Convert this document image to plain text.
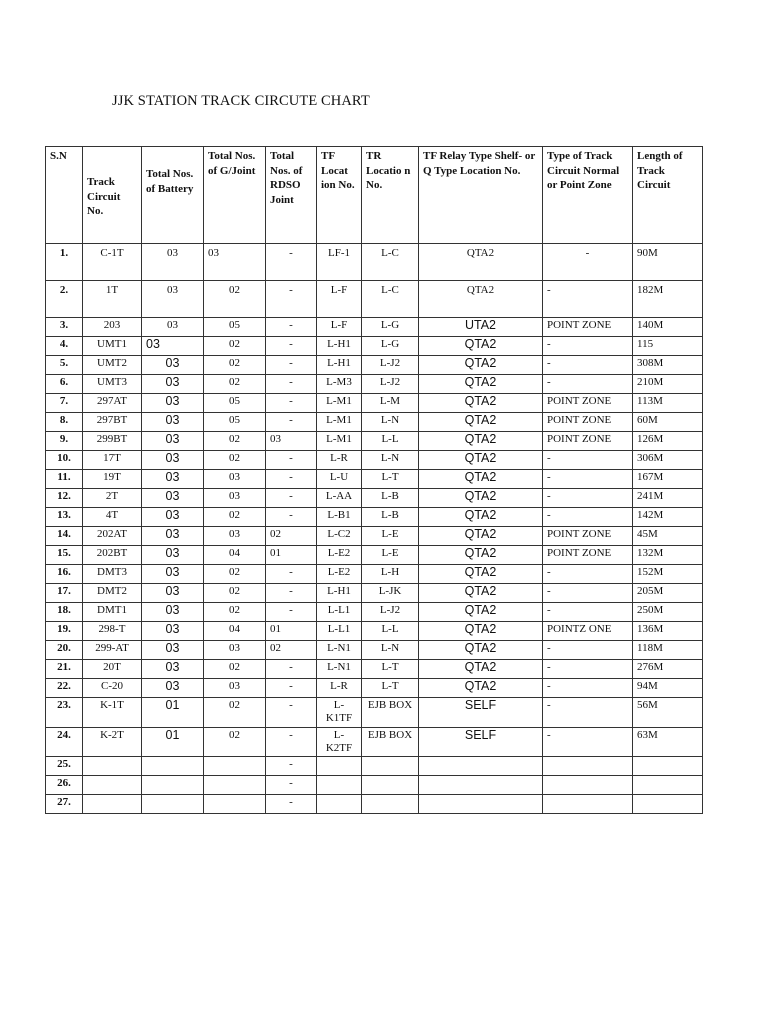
JJK STATION TRACK CIRCUTE CHART
S.N	Track Circuit No.	Total Nos. of Battery	Total Nos. of G/Joint	Total Nos. of RDSO Joint	TF Locat ion No.	TR Locatio n No.	TF Relay Type Shelf- or Q Type Location No.	Type of Track Circuit Normal or Point Zone	Length of Track Circuit
1.	C-1T	03	03	-	LF-1	L-C	QTA2	-	90M
2.	1T	03	02	-	L-F	L-C	QTA2	-	182M
3.	203	03	05	-	L-F	L-G	UTA2	POINT ZONE	140M
4.	UMT1	03	02	-	L-H1	L-G	QTA2	-	115
5.	UMT2	03	02	-	L-H1	L-J2	QTA2	-	308M
6.	UMT3	03	02	-	L-M3	L-J2	QTA2	-	210M
7.	297AT	03	05	-	L-M1	L-M	QTA2	POINT ZONE	113M
8.	297BT	03	05	-	L-M1	L-N	QTA2	POINT ZONE	60M
9.	299BT	03	02	03	L-M1	L-L	QTA2	POINT ZONE	126M
10.	17T	03	02	-	L-R	L-N	QTA2	-	306M
11.	19T	03	03	-	L-U	L-T	QTA2	-	167M
12.	2T	03	03	-	L-AA	L-B	QTA2	-	241M
13.	4T	03	02	-	L-B1	L-B	QTA2	-	142M
14.	202AT	03	03	02	L-C2	L-E	QTA2	POINT ZONE	45M
15.	202BT	03	04	01	L-E2	L-E	QTA2	POINT ZONE	132M
16.	DMT3	03	02	-	L-E2	L-H	QTA2	-	152M
17.	DMT2	03	02	-	L-H1	L-JK	QTA2	-	205M
18.	DMT1	03	02	-	L-L1	L-J2	QTA2	-	250M
19.	298-T	03	04	01	L-L1	L-L	QTA2	POINTZ ONE	136M
20.	299-AT	03	03	02	L-N1	L-N	QTA2	-	118M
21.	20T	03	02	-	L-N1	L-T	QTA2	-	276M
22.	C-20	03	03	-	L-R	L-T	QTA2	-	94M
23.	K-1T	01	02	-	L-K1TF	EJB BOX	SELF	-	56M
24.	K-2T	01	02	-	L-K2TF	EJB BOX	SELF	-	63M
25.				-					
26.				-					
27.				-					
